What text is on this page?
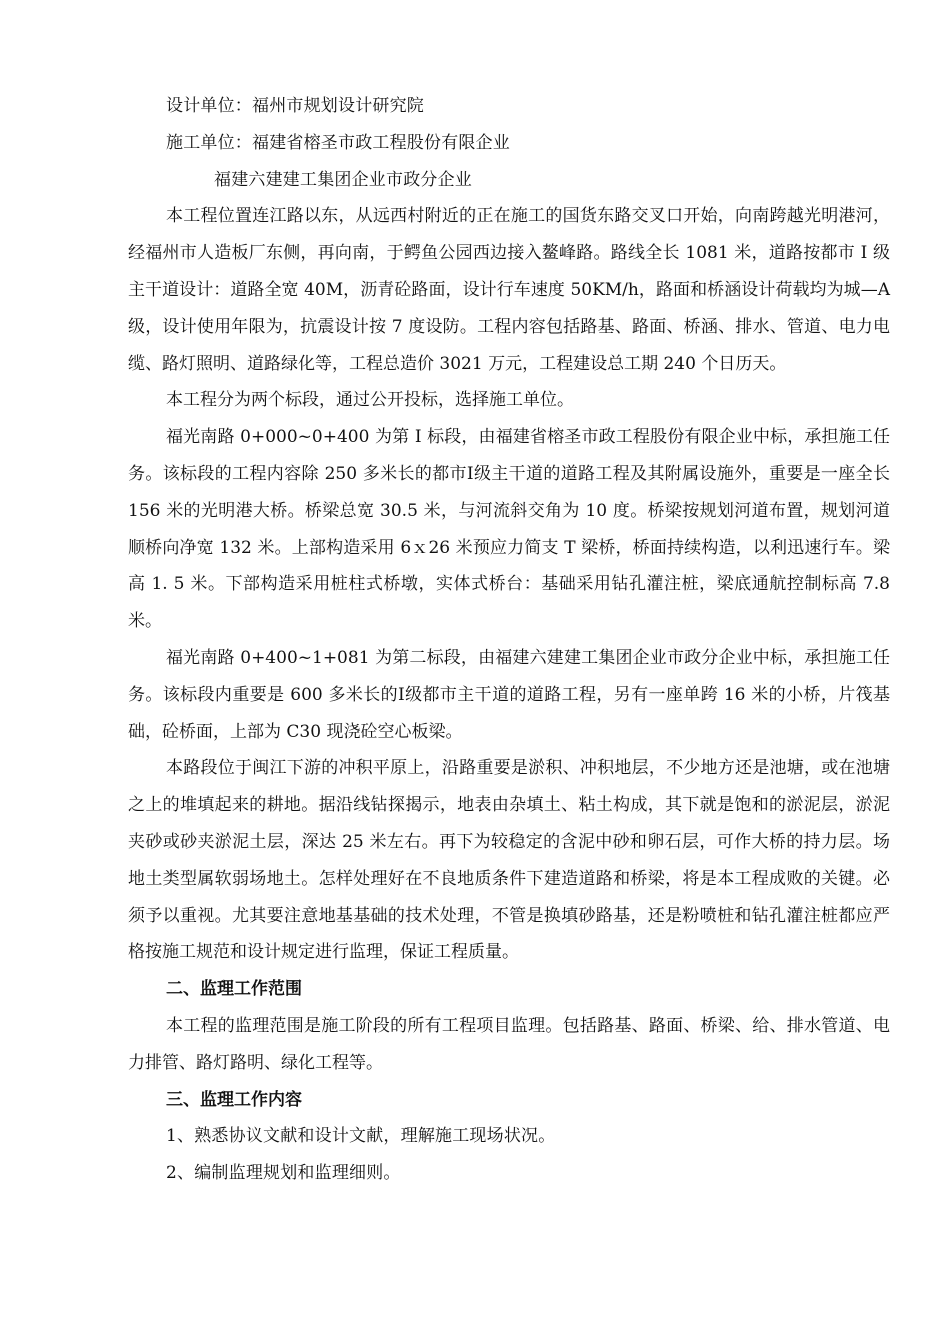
设计单位：福州市规划设计研究院
施工单位：福建省榕圣市政工程股份有限企业
福建六建建工集团企业市政分企业

本工程位置连江路以东，从远西村附近的正在施工的国货东路交叉口开始，向南跨越光明港河，经福州市人造板厂东侧，再向南，于鳄鱼公园西边接入鳌峰路。路线全长 1081 米，道路按都市 I 级主干道设计：道路全宽 40M，沥青砼路面，设计行车速度 50KM/h，路面和桥涵设计荷载均为城—A 级，设计使用年限为，抗震设计按 7 度设防。工程内容包括路基、路面、桥涵、排水、管道、电力电缆、路灯照明、道路绿化等，工程总造价 3021 万元，工程建设总工期 240 个日历天。

本工程分为两个标段，通过公开投标，选择施工单位。

福光南路 0+000~0+400 为第 I 标段，由福建省榕圣市政工程股份有限企业中标，承担施工任务。该标段的工程内容除 250 多米长的都市Ⅰ级主干道的道路工程及其附属设施外，重要是一座全长 156 米的光明港大桥。桥梁总宽 30.5 米，与河流斜交角为 10 度。桥梁按规划河道布置，规划河道顺桥向净宽 132 米。上部构造采用 6ｘ26 米预应力简支 T 梁桥，桥面持续构造，以利迅速行车。梁高 1. 5 米。下部构造采用桩柱式桥墩，实体式桥台：基础采用钻孔灌注桩，梁底通航控制标高 7.8 米。

福光南路 0+400~1+081 为第二标段，由福建六建建工集团企业市政分企业中标，承担施工任务。该标段内重要是 600 多米长的Ⅰ级都市主干道的道路工程，另有一座单跨 16 米的小桥，片筏基础，砼桥面，上部为 C30 现浇砼空心板梁。

本路段位于闽江下游的冲积平原上，沿路重要是淤积、冲积地层，不少地方还是池塘，或在池塘之上的堆填起来的耕地。据沿线钻探揭示，地表由杂填土、粘土构成，其下就是饱和的淤泥层，淤泥夹砂或砂夹淤泥土层，深达 25 米左右。再下为较稳定的含泥中砂和卵石层，可作大桥的持力层。场地土类型属软弱场地土。怎样处理好在不良地质条件下建造道路和桥梁，将是本工程成败的关键。必须予以重视。尤其要注意地基基础的技术处理，不管是换填砂路基，还是粉喷桩和钻孔灌注桩都应严格按施工规范和设计规定进行监理，保证工程质量。

二、监理工作范围

本工程的监理范围是施工阶段的所有工程项目监理。包括路基、路面、桥梁、给、排水管道、电力排管、路灯路明、绿化工程等。

三、监理工作内容

1、熟悉协议文献和设计文献，理解施工现场状况。
2、编制监理规划和监理细则。
